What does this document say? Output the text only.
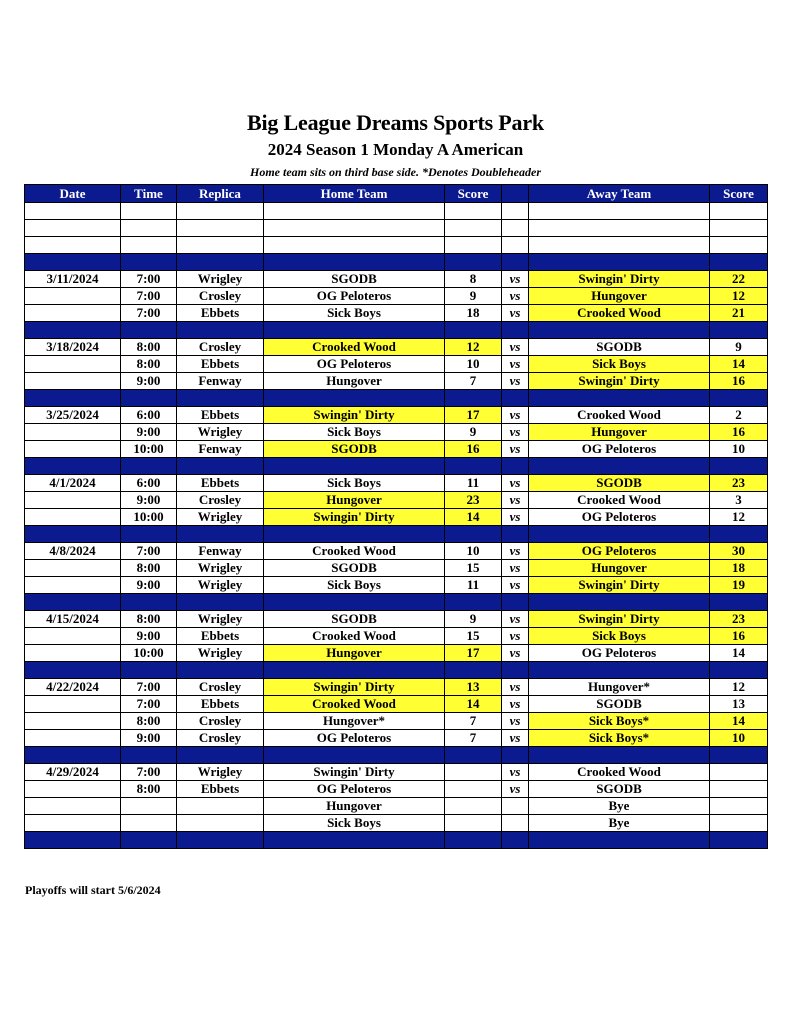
Big League Dreams Sports Park
2024 Season 1 Monday A American
Home team sits on third base side. *Denotes Doubleheader
Date	Time	Replica	Home Team	Score		Away Team	Score

3/11/2024	7:00	Wrigley	SGODB	8	vs	Swingin' Dirty	22
	7:00	Crosley	OG Peloteros	9	vs	Hungover	12
	7:00	Ebbets	Sick Boys	18	vs	Crooked Wood	21

3/18/2024	8:00	Crosley	Crooked Wood	12	vs	SGODB	9
	8:00	Ebbets	OG Peloteros	10	vs	Sick Boys	14
	9:00	Fenway	Hungover	7	vs	Swingin' Dirty	16

3/25/2024	6:00	Ebbets	Swingin' Dirty	17	vs	Crooked Wood	2
	9:00	Wrigley	Sick Boys	9	vs	Hungover	16
	10:00	Fenway	SGODB	16	vs	OG Peloteros	10

4/1/2024	6:00	Ebbets	Sick Boys	11	vs	SGODB	23
	9:00	Crosley	Hungover	23	vs	Crooked Wood	3
	10:00	Wrigley	Swingin' Dirty	14	vs	OG Peloteros	12

4/8/2024	7:00	Fenway	Crooked Wood	10	vs	OG Peloteros	30
	8:00	Wrigley	SGODB	15	vs	Hungover	18
	9:00	Wrigley	Sick Boys	11	vs	Swingin' Dirty	19

4/15/2024	8:00	Wrigley	SGODB	9	vs	Swingin' Dirty	23
	9:00	Ebbets	Crooked Wood	15	vs	Sick Boys	16
	10:00	Wrigley	Hungover	17	vs	OG Peloteros	14

4/22/2024	7:00	Crosley	Swingin' Dirty	13	vs	Hungover*	12
	7:00	Ebbets	Crooked Wood	14	vs	SGODB	13
	8:00	Crosley	Hungover*	7	vs	Sick Boys*	14
	9:00	Crosley	OG Peloteros	7	vs	Sick Boys*	10

4/29/2024	7:00	Wrigley	Swingin' Dirty		vs	Crooked Wood	
	8:00	Ebbets	OG Peloteros		vs	SGODB	
			Hungover			Bye	
			Sick Boys			Bye	

Playoffs will start 5/6/2024
